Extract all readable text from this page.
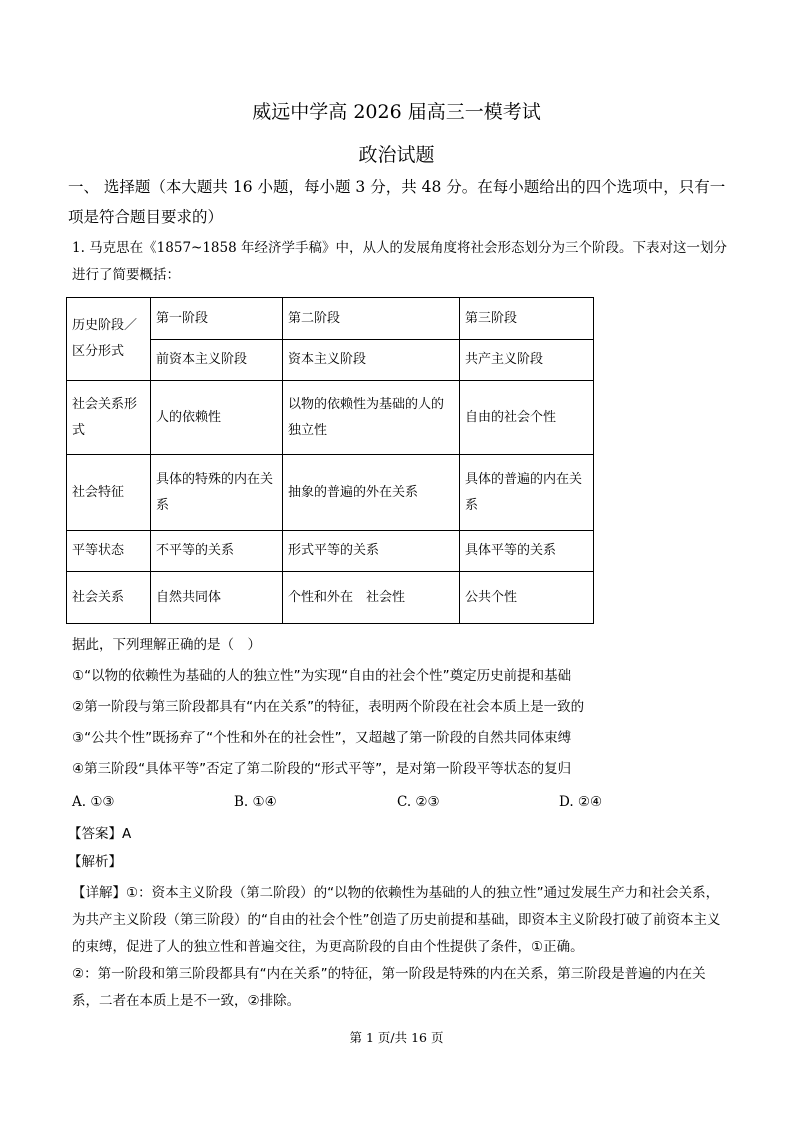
威远中学高 2026 届高三一模考试
政治试题
一、 选择题（本大题共 16 小题，每小题 3 分，共 48 分。在每小题给出的四个选项中，只有一项是符合题目要求的）
1. 马克思在《1857~1858 年经济学手稿》中，从人的发展角度将社会形态划分为三个阶段。下表对这一划分进行了简要概括：
历史阶段／区分形式	第一阶段	第二阶段	第三阶段
	前资本主义阶段	资本主义阶段	共产主义阶段
社会关系形式	人的依赖性	以物的依赖性为基础的人的独立性	自由的社会个性
社会特征	具体的特殊的内在关系	抽象的普遍的外在关系	具体的普遍的内在关系
平等状态	不平等的关系	形式平等的关系	具体平等的关系
社会关系	自然共同体	个性和外在　社会性	公共个性
据此，下列理解正确的是（　）
①“以物的依赖性为基础的人的独立性”为实现“自由的社会个性”奠定历史前提和基础
②第一阶段与第三阶段都具有“内在关系”的特征，表明两个阶段在社会本质上是一致的
③“公共个性”既扬弃了“个性和外在的社会性”，又超越了第一阶段的自然共同体束缚
④第三阶段“具体平等”否定了第二阶段的“形式平等”，是对第一阶段平等状态的复归
A. ①③	B. ①④	C. ②③	D. ②④
【答案】A
【解析】
【详解】①：资本主义阶段（第二阶段）的“以物的依赖性为基础的人的独立性”通过发展生产力和社会关系，为共产主义阶段（第三阶段）的“自由的社会个性”创造了历史前提和基础，即资本主义阶段打破了前资本主义的束缚，促进了人的独立性和普遍交往，为更高阶段的自由个性提供了条件，①正确。
②：第一阶段和第三阶段都具有“内在关系”的特征，第一阶段是特殊的内在关系，第三阶段是普遍的内在关系，二者在本质上是不一致，②排除。
第 1 页/共 16 页
